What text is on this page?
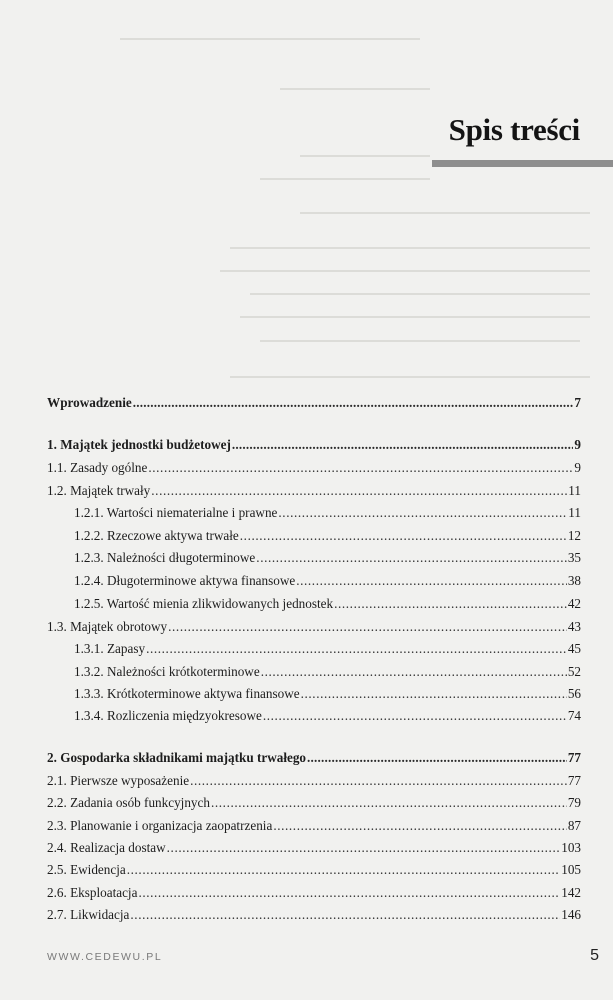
Spis treści
Wprowadzenie .....	7
1. Majątek jednostki budżetowej .....	9
1.1. Zasady ogólne .....	9
1.2. Majątek trwały .....	11
1.2.1. Wartości niematerialne i prawne .....	11
1.2.2. Rzeczowe aktywa trwałe .....	12
1.2.3. Należności długoterminowe .....	35
1.2.4. Długoterminowe aktywa finansowe .....	38
1.2.5. Wartość mienia zlikwidowanych jednostek .....	42
1.3. Majątek obrotowy .....	43
1.3.1. Zapasy .....	45
1.3.2. Należności krótkoterminowe .....	52
1.3.3. Krótkoterminowe aktywa finansowe .....	56
1.3.4. Rozliczenia międzyokresowe .....	74
2. Gospodarka składnikami majątku trwałego .....	77
2.1. Pierwsze wyposażenie .....	77
2.2. Zadania osób funkcyjnych .....	79
2.3. Planowanie i organizacja zaopatrzenia .....	87
2.4. Realizacja dostaw .....	103
2.5. Ewidencja .....	105
2.6. Eksploatacja .....	142
2.7. Likwidacja .....	146
WWW.CEDEWU.PL	5
